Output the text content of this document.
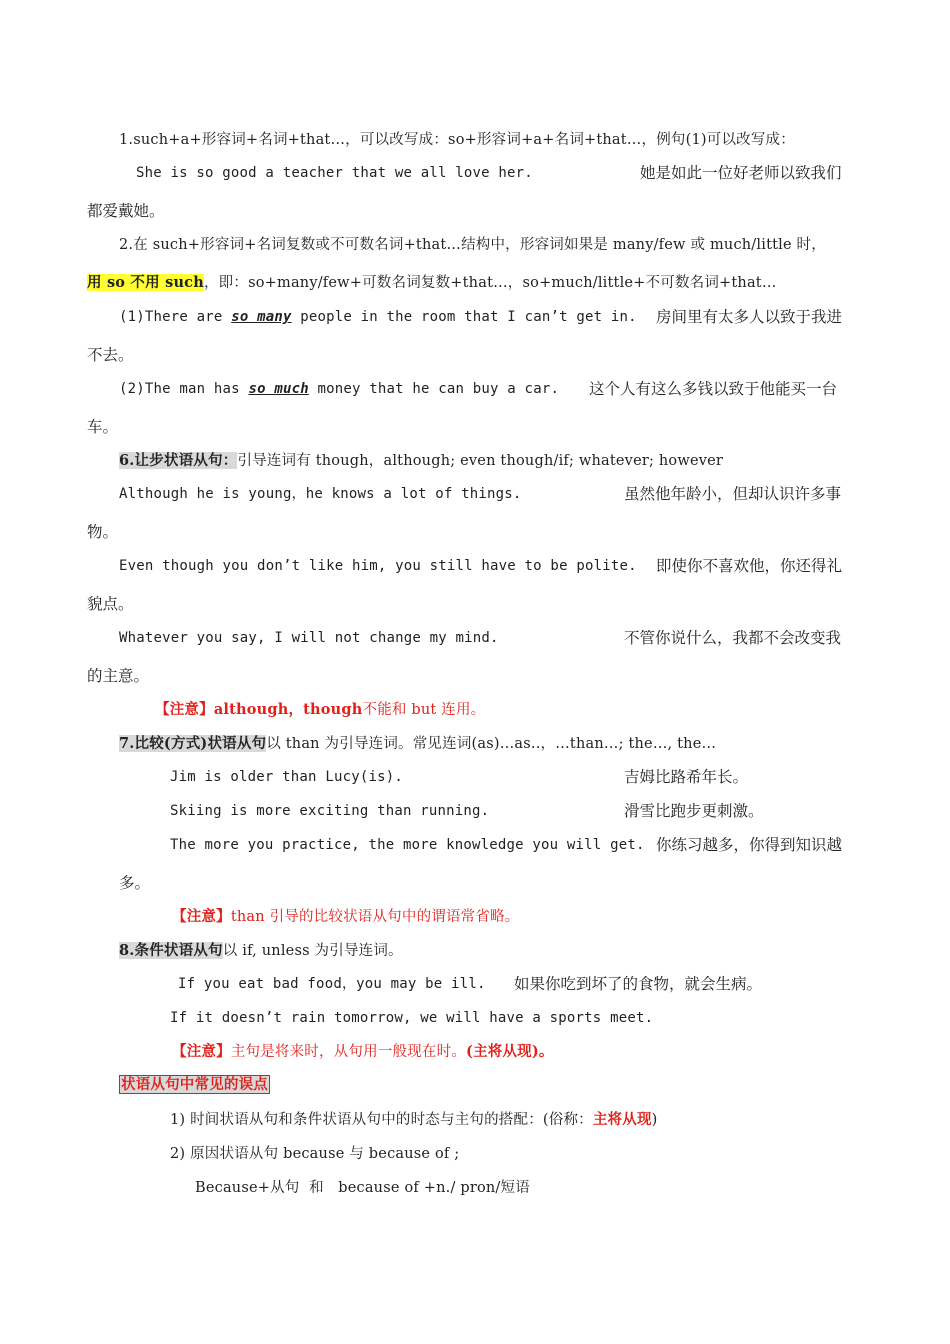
1.such+a+形容词+名词+that…，可以改写成：so+形容词+a+名词+that…，例句(1)可以改写成：
She is so good a teacher that we all love her.	她是如此一位好老师以致我们
都爱戴她。
2.在 such+形容词+名词复数或不可数名词+that…结构中，形容词如果是 many/few 或 much/little 时，
用 so 不用 such，即：so+many/few+可数名词复数+that…，so+much/little+不可数名词+that…
(1)There are so many people in the room that I can’t get in. 房间里有太多人以致于我进
不去。
(2)The man has so much money that he can buy a car. 这个人有这么多钱以致于他能买一台
车。
6.让步状语从句：引导连词有 though，although; even though/if; whatever; however
Although he is young，he knows a lot of things.	虽然他年龄小，但却认识许多事
物。
Even though you don’t like him, you still have to be polite. 即使你不喜欢他，你还得礼
貌点。
Whatever you say, I will not change my mind.	不管你说什么，我都不会改变我
的主意。
【注意】although，though不能和 but 连用。
7.比较(方式)状语从句以 than 为引导连词。常见连词(as)…as..，…than…; the…, the…
Jim is older than Lucy(is).	吉姆比路希年长。
Skiing is more exciting than running.	滑雪比跑步更刺激。
The more you practice, the more knowledge you will get. 你练习越多，你得到知识越
多。
【注意】than 引导的比较状语从句中的谓语常省略。
8.条件状语从句以 if, unless 为引导连词。
If you eat bad food，you may be ill. 如果你吃到坏了的食物，就会生病。
If it doesn’t rain tomorrow, we will have a sports meet.
【注意】主句是将来时，从句用一般现在时。(主将从现)。
状语从句中常见的误点
1) 时间状语从句和条件状语从句中的时态与主句的搭配：(俗称：主将从现)
2) 原因状语从句 because 与 because of ;
Because+从句  和   because of +n./ pron/短语
